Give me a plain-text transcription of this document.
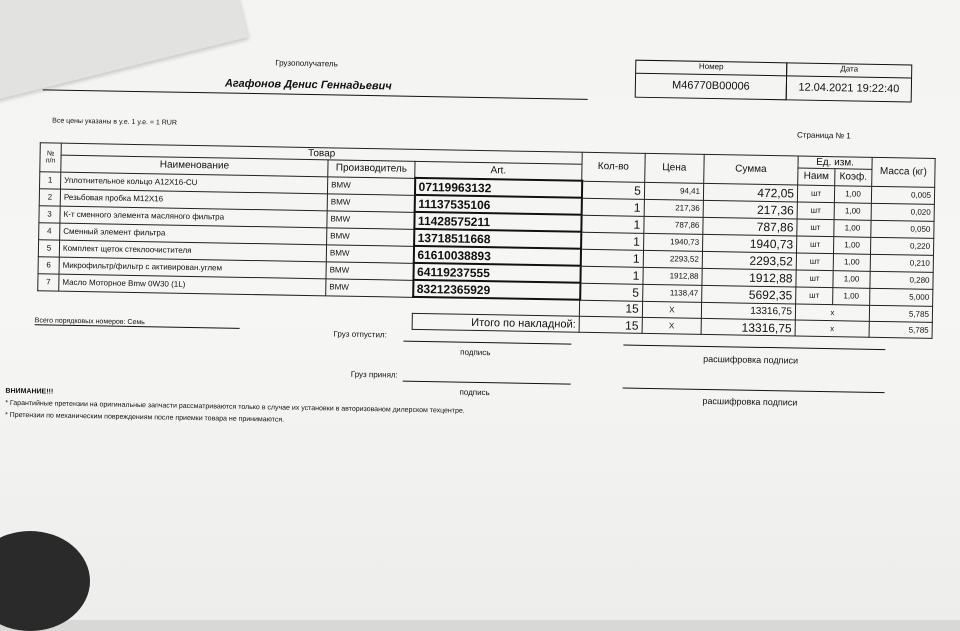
Грузополучатель
Агафонов Денис Геннадьевич
Номер
M46770B00006
Дата
12.04.2021 19:22:40
Все цены указаны в у.е. 1 у.е. = 1 RUR
Страница № 1
№ п/п	Товар			Кол-во	Цена	Сумма	Ед. изм.		Масса (кг)
	Наименование	Производитель	Art.				Наим	Коэф.	
1	Уплотнительное кольцо A12X16-CU	BMW	07119963132	5	94,41	472,05	шт	1,00	0,005
2	Резьбовая пробка M12X16	BMW	11137535106	1	217,36	217,36	шт	1,00	0,020
3	К-т сменного элемента масляного фильтра	BMW	11428575211	1	787,86	787,86	шт	1,00	0,050
4	Сменный элемент фильтра	BMW	13718511668	1	1940,73	1940,73	шт	1,00	0,220
5	Комплект щеток стеклоочистителя	BMW	61610038893	1	2293,52	2293,52	шт	1,00	0,210
6	Микрофильтр/фильтр с активирован.углем	BMW	64119237555	1	1912,88	1912,88	шт	1,00	0,280
7	Масло Моторное Bmw 0W30 (1L)	BMW	83212365929	5	1138,47	5692,35	шт	1,00	5,000
				15	X	13316,75	x		5,785
			Итого по накладной:	15	X	13316,75	x		5,785
Всего порядковых номеров: Семь
Груз отпустил:
подпись
расшифровка подписи
Груз принял:
подпись
расшифровка подписи
ВНИМАНИЕ!!!
* Гарантийные претензии на оригинальные запчасти рассматриваются только в случае их установки в авторизованом дилерском техцентре.
* Претензии по механическим повреждениям после приемки товара не принимаются.
